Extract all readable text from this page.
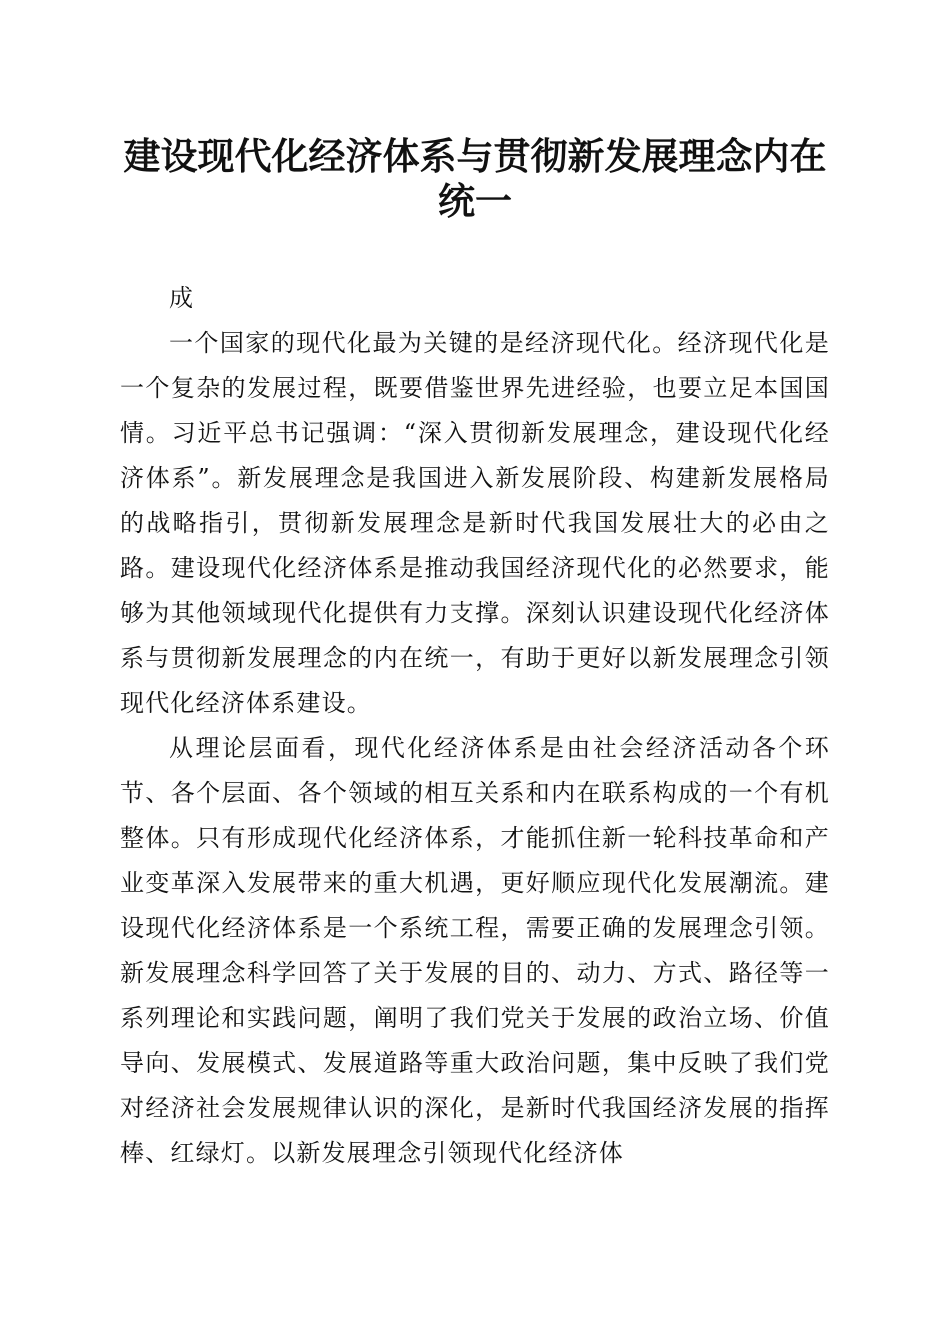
建设现代化经济体系与贯彻新发展理念内在统一

成

一个国家的现代化最为关键的是经济现代化。经济现代化是一个复杂的发展过程，既要借鉴世界先进经验，也要立足本国国情。习近平总书记强调：“深入贯彻新发展理念，建设现代化经济体系”。新发展理念是我国进入新发展阶段、构建新发展格局的战略指引，贯彻新发展理念是新时代我国发展壮大的必由之路。建设现代化经济体系是推动我国经济现代化的必然要求，能够为其他领域现代化提供有力支撑。深刻认识建设现代化经济体系与贯彻新发展理念的内在统一，有助于更好以新发展理念引领现代化经济体系建设。

从理论层面看，现代化经济体系是由社会经济活动各个环节、各个层面、各个领域的相互关系和内在联系构成的一个有机整体。只有形成现代化经济体系，才能抓住新一轮科技革命和产业变革深入发展带来的重大机遇，更好顺应现代化发展潮流。建设现代化经济体系是一个系统工程，需要正确的发展理念引领。新发展理念科学回答了关于发展的目的、动力、方式、路径等一系列理论和实践问题，阐明了我们党关于发展的政治立场、价值导向、发展模式、发展道路等重大政治问题，集中反映了我们党对经济社会发展规律认识的深化，是新时代我国经济发展的指挥棒、红绿灯。以新发展理念引领现代化经济体
